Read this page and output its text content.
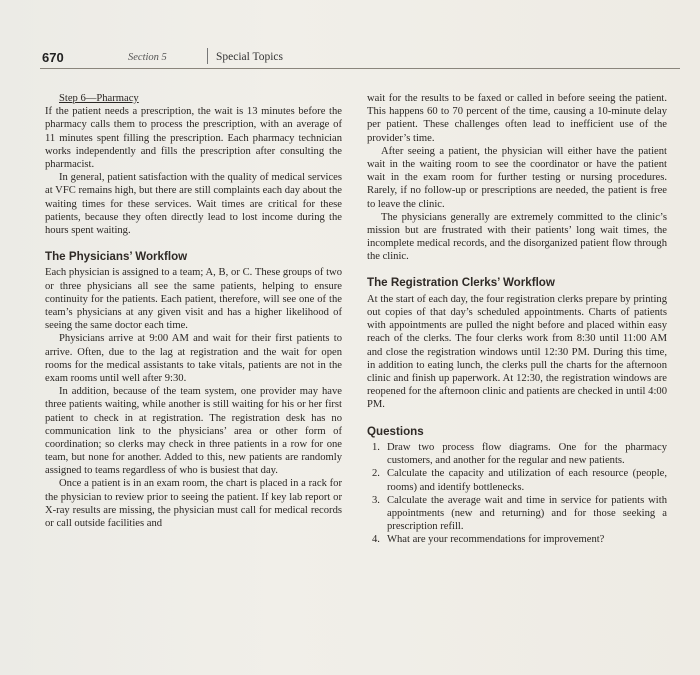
670	Section 5	Special Topics

Step 6—Pharmacy

If the patient needs a prescription, the wait is 13 minutes before the pharmacy calls them to process the prescription, with an average of 11 minutes spent filling the prescription. Each pharmacy technician works independently and fills the prescription after consulting the pharmacist.

In general, patient satisfaction with the quality of medical services at VFC remains high, but there are still complaints each day about the waiting times for these services. Wait times are critical for these patients, because they often directly lead to lost income during the hours spent waiting.

The Physicians’ Workflow

Each physician is assigned to a team; A, B, or C. These groups of two or three physicians all see the same patients, helping to ensure continuity for the patients. Each patient, therefore, will see one of the team’s physicians at any given visit and has a higher likelihood of seeing the same doctor each time.

Physicians arrive at 9:00 AM and wait for their first patients to arrive. Often, due to the lag at registration and the wait for open rooms for the medical assistants to take vitals, patients are not in the exam rooms until well after 9:30.

In addition, because of the team system, one provider may have three patients waiting, while another is still waiting for his or her first patient to check in at registration. The registration desk has no communication link to the physicians’ area or other form of coordination; so clerks may check in three patients in a row for one team, but none for another. Added to this, new patients are randomly assigned to teams regardless of who is busiest that day.

Once a patient is in an exam room, the chart is placed in a rack for the physician to review prior to seeing the patient. If key lab report or X-ray results are missing, the physician must call for medical records or call outside facilities and

wait for the results to be faxed or called in before seeing the patient. This happens 60 to 70 percent of the time, causing a 10-minute delay per patient. These challenges often lead to inefficient use of the provider’s time.

After seeing a patient, the physician will either have the patient wait in the waiting room to see the coordinator or have the patient wait in the exam room for further testing or nursing procedures. Rarely, if no follow-up or prescriptions are needed, the patient is free to leave the clinic.

The physicians generally are extremely committed to the clinic’s mission but are frustrated with their patients’ long wait times, the incomplete medical records, and the disorganized patient flow through the clinic.

The Registration Clerks’ Workflow

At the start of each day, the four registration clerks prepare by printing out copies of that day’s scheduled appointments. Charts of patients with appointments are pulled the night before and placed within easy reach of the clerks. The four clerks work from 8:30 until 11:00 AM and close the registration windows until 12:30 PM. During this time, in addition to eating lunch, the clerks pull the charts for the afternoon clinic and finish up paperwork. At 12:30, the registration windows are reopened for the afternoon clinic and patients are checked in until 4:00 PM.

Questions
1. Draw two process flow diagrams. One for the pharmacy customers, and another for the regular and new patients.
2. Calculate the capacity and utilization of each resource (people, rooms) and identify bottlenecks.
3. Calculate the average wait and time in service for patients with appointments (new and returning) and for those seeking a prescription refill.
4. What are your recommendations for improvement?
